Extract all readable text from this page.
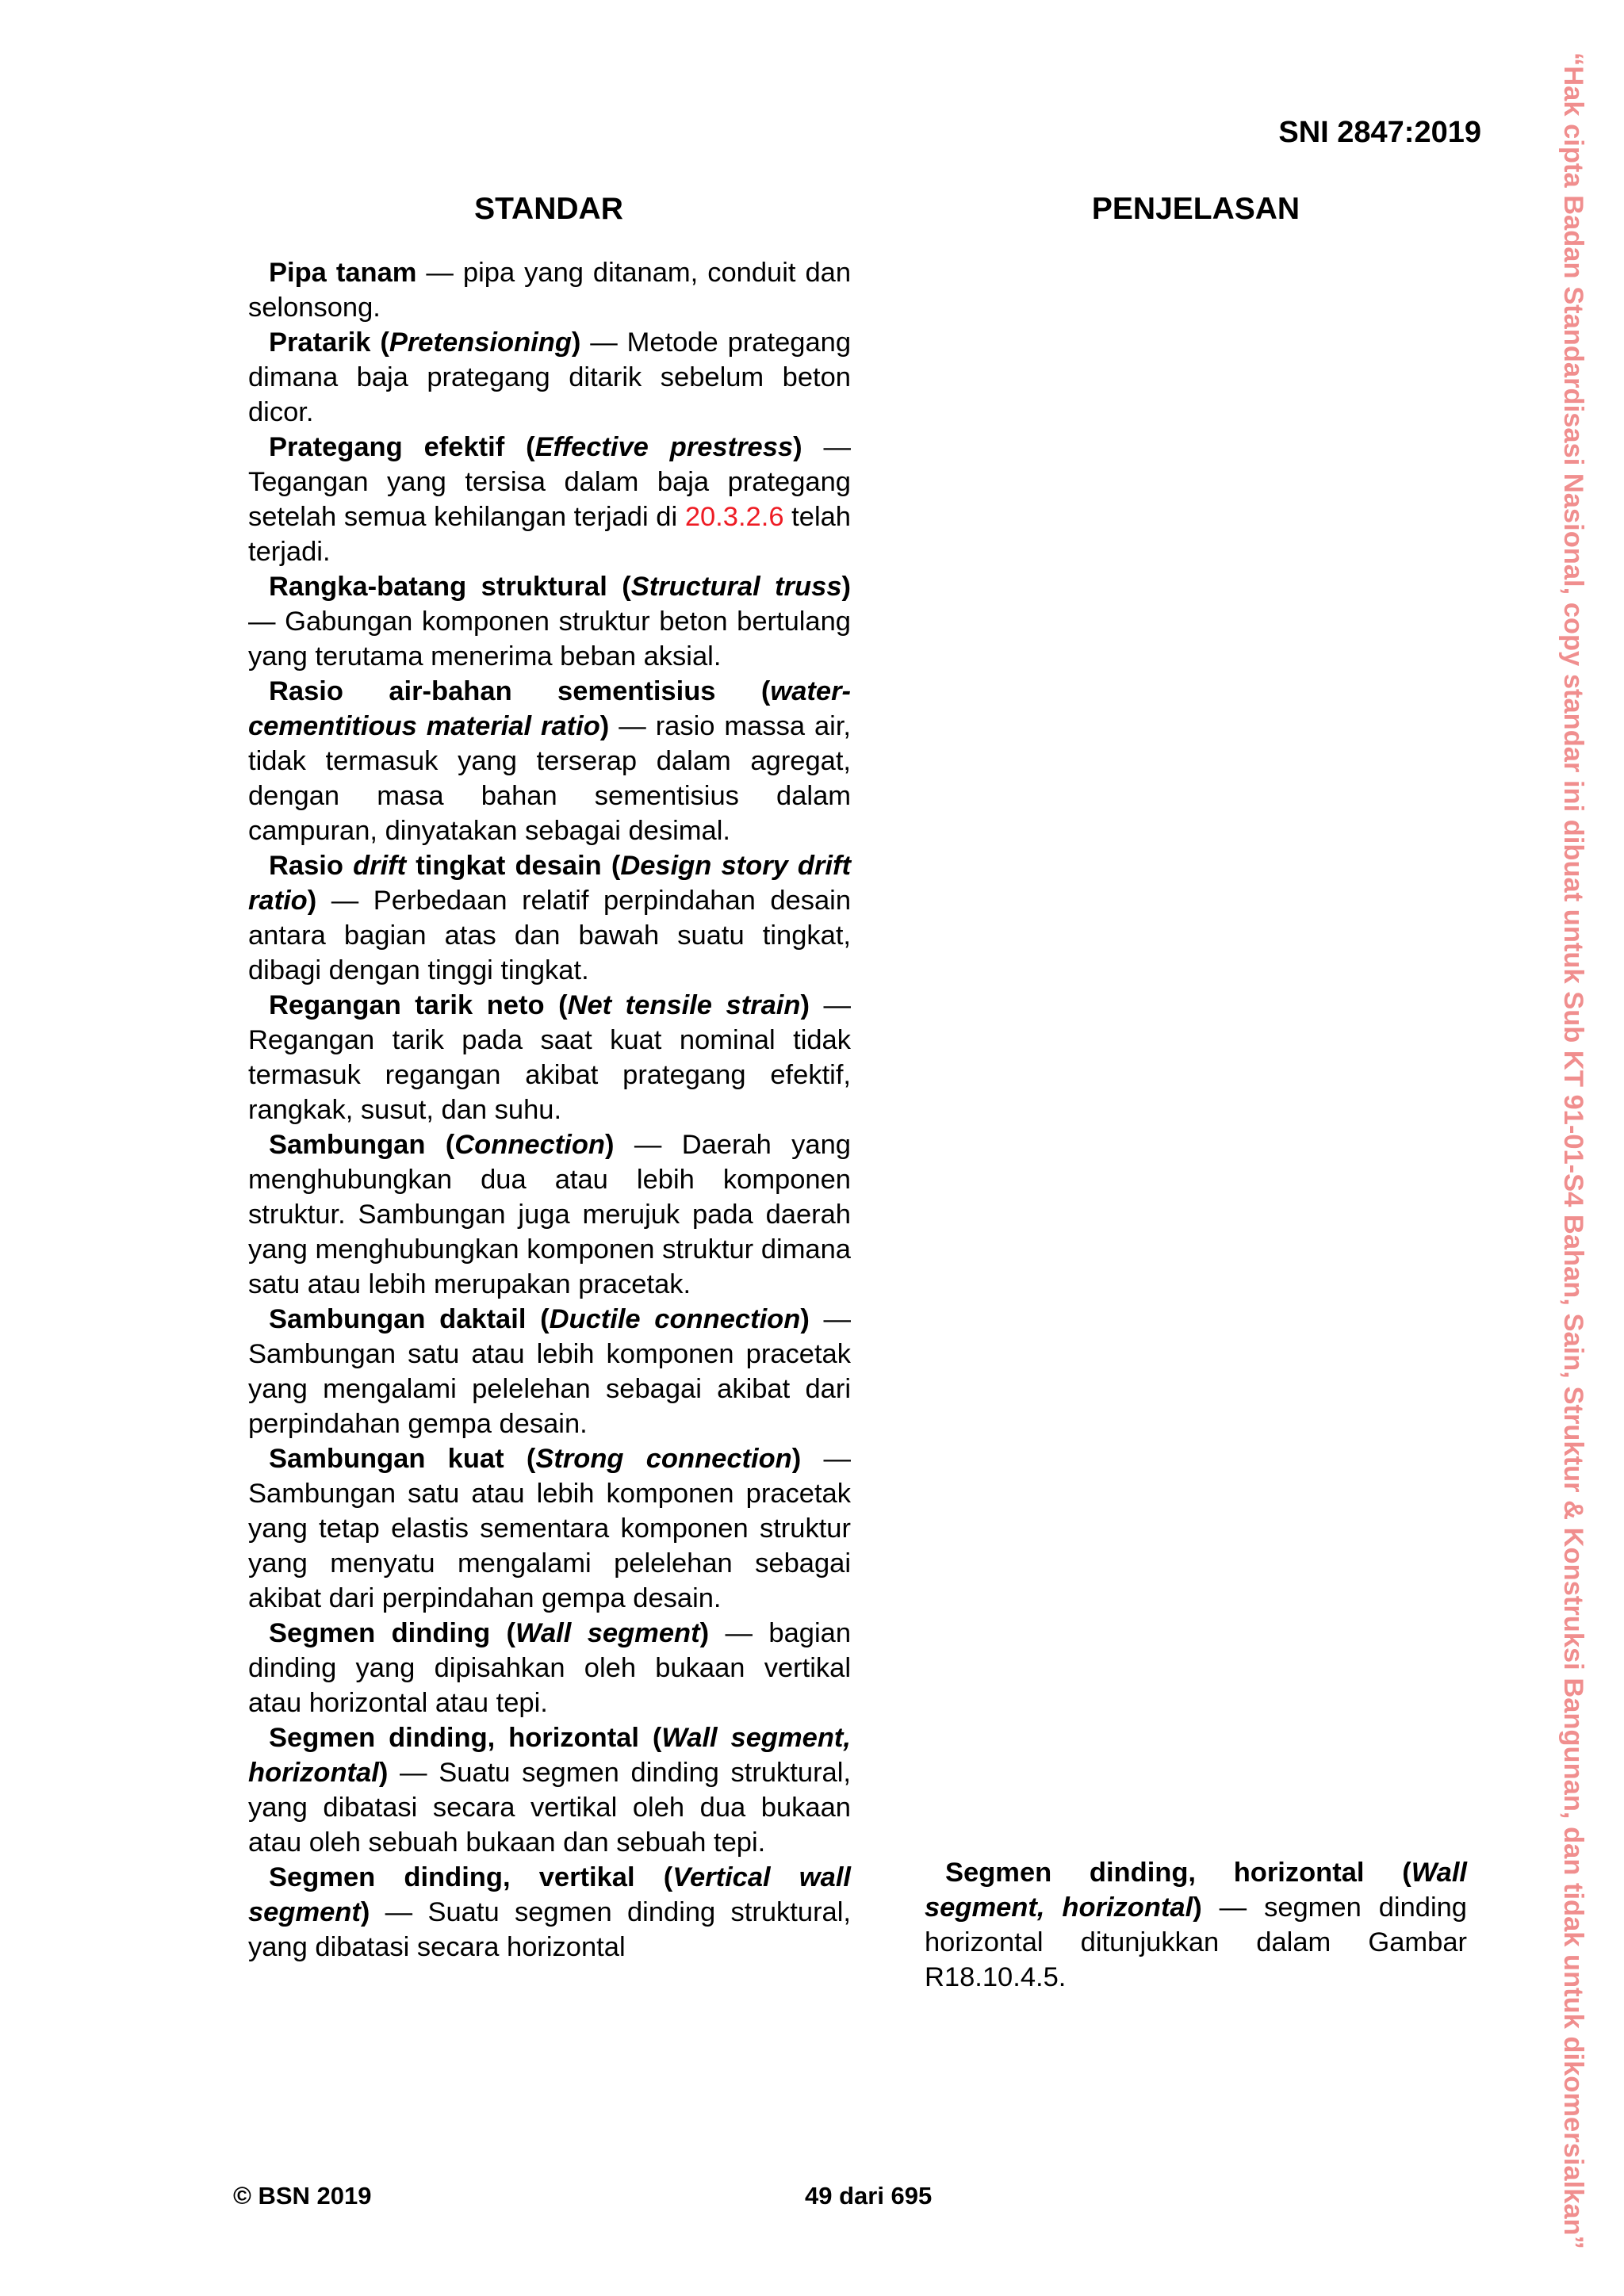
SNI 2847:2019
STANDAR	PENJELASAN

Pipa tanam — pipa yang ditanam, conduit dan selonsong.

Pratarik (Pretensioning) — Metode prategang dimana baja prategang ditarik sebelum beton dicor.

Prategang efektif (Effective prestress) — Tegangan yang tersisa dalam baja prategang setelah semua kehilangan terjadi di 20.3.2.6 telah terjadi.

Rangka-batang struktural (Structural truss) — Gabungan komponen struktur beton bertulang yang terutama menerima beban aksial.

Rasio air-bahan sementisius (water-cementitious material ratio) — rasio massa air, tidak termasuk yang terserap dalam agregat, dengan masa bahan sementisius dalam campuran, dinyatakan sebagai desimal.

Rasio drift tingkat desain (Design story drift ratio) — Perbedaan relatif perpindahan desain antara bagian atas dan bawah suatu tingkat, dibagi dengan tinggi tingkat.

Regangan tarik neto (Net tensile strain) — Regangan tarik pada saat kuat nominal tidak termasuk regangan akibat prategang efektif, rangkak, susut, dan suhu.

Sambungan (Connection) — Daerah yang menghubungkan dua atau lebih komponen struktur. Sambungan juga merujuk pada daerah yang menghubungkan komponen struktur dimana satu atau lebih merupakan pracetak.

Sambungan daktail (Ductile connection) — Sambungan satu atau lebih komponen pracetak yang mengalami pelelehan sebagai akibat dari perpindahan gempa desain.

Sambungan kuat (Strong connection) — Sambungan satu atau lebih komponen pracetak yang tetap elastis sementara komponen struktur yang menyatu mengalami pelelehan sebagai akibat dari perpindahan gempa desain.

Segmen dinding (Wall segment) — bagian dinding yang dipisahkan oleh bukaan vertikal atau horizontal atau tepi.

Segmen dinding, horizontal (Wall segment, horizontal) — Suatu segmen dinding struktural, yang dibatasi secara vertikal oleh dua bukaan atau oleh sebuah bukaan dan sebuah tepi.

Segmen dinding, vertikal (Vertical wall segment) — Suatu segmen dinding struktural, yang dibatasi secara horizontal

Segmen dinding, horizontal (Wall segment, horizontal) — segmen dinding horizontal ditunjukkan dalam Gambar R18.10.4.5.

© BSN 2019	49 dari 695	“Hak cipta Badan Standardisasi Nasional, copy standar ini dibuat untuk Sub KT 91-01-S4 Bahan, Sain, Struktur & Konstruksi Bangunan, dan tidak untuk dikomersialkan”
